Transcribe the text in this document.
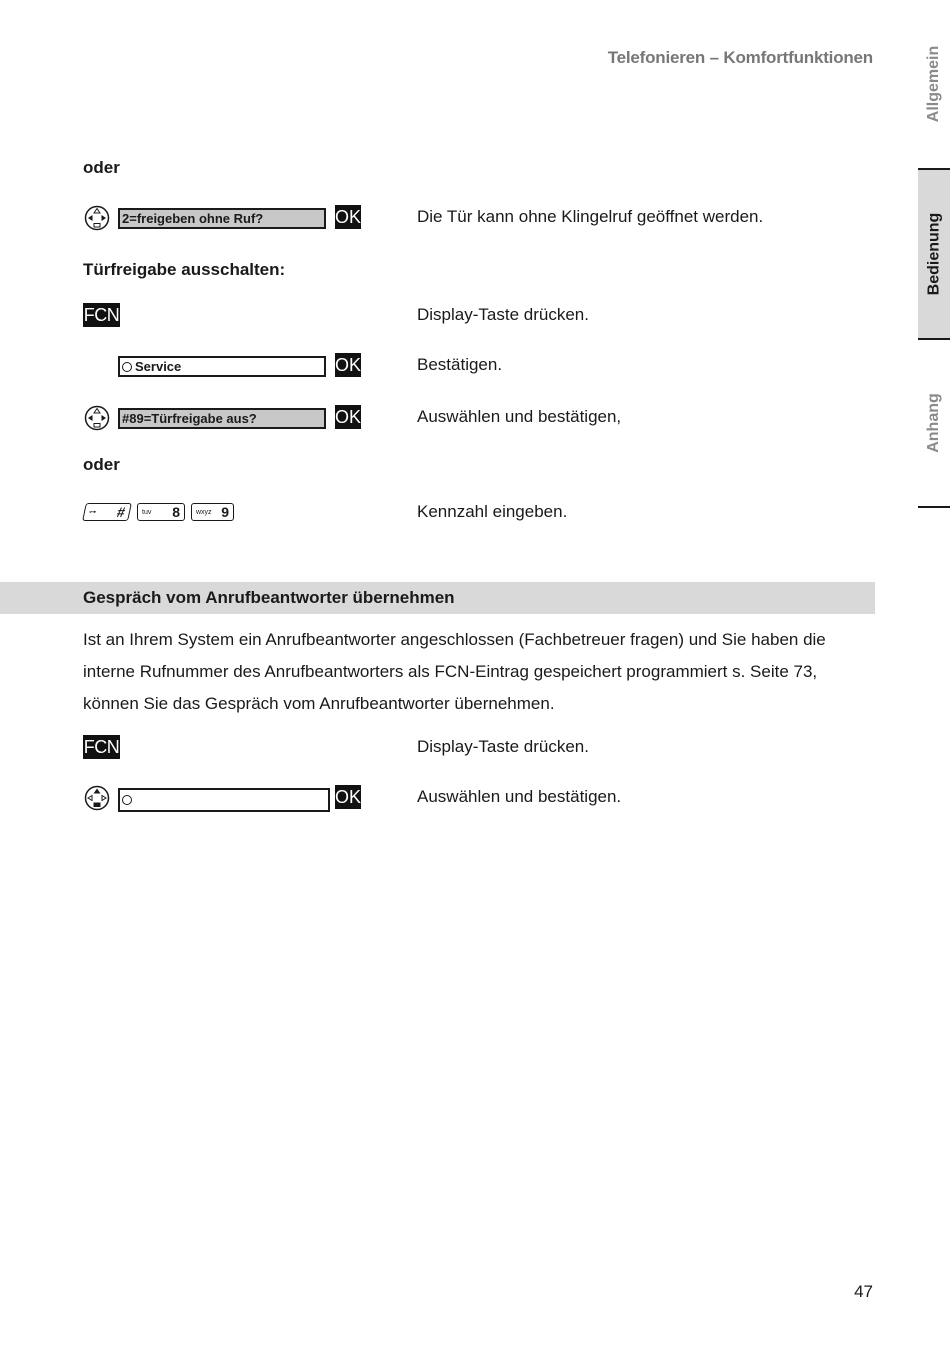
Telefonieren – Komfortfunktionen	Allgemein
Bedienung
Anhang
oder
2=freigeben ohne Ruf?	OK	Die Tür kann ohne Klingelruf geöffnet werden.
Türfreigabe ausschalten:
FCN	Display-Taste drücken.
Service	OK	Bestätigen.
#89=Türfreigabe aus?	OK	Auswählen und bestätigen,
oder
⊶ # tuv 8 wxyz 9	Kennzahl eingeben.
Gespräch vom Anrufbeantworter übernehmen
Ist an Ihrem System ein Anrufbeantworter angeschlossen (Fachbetreuer fragen) und Sie haben die interne Rufnummer des Anrufbeantworters als FCN-Eintrag gespeichert programmiert s. Seite 73, können Sie das Gespräch vom Anrufbeantworter übernehmen.
FCN	Display-Taste drücken.
OK	Auswählen und bestätigen.
47
